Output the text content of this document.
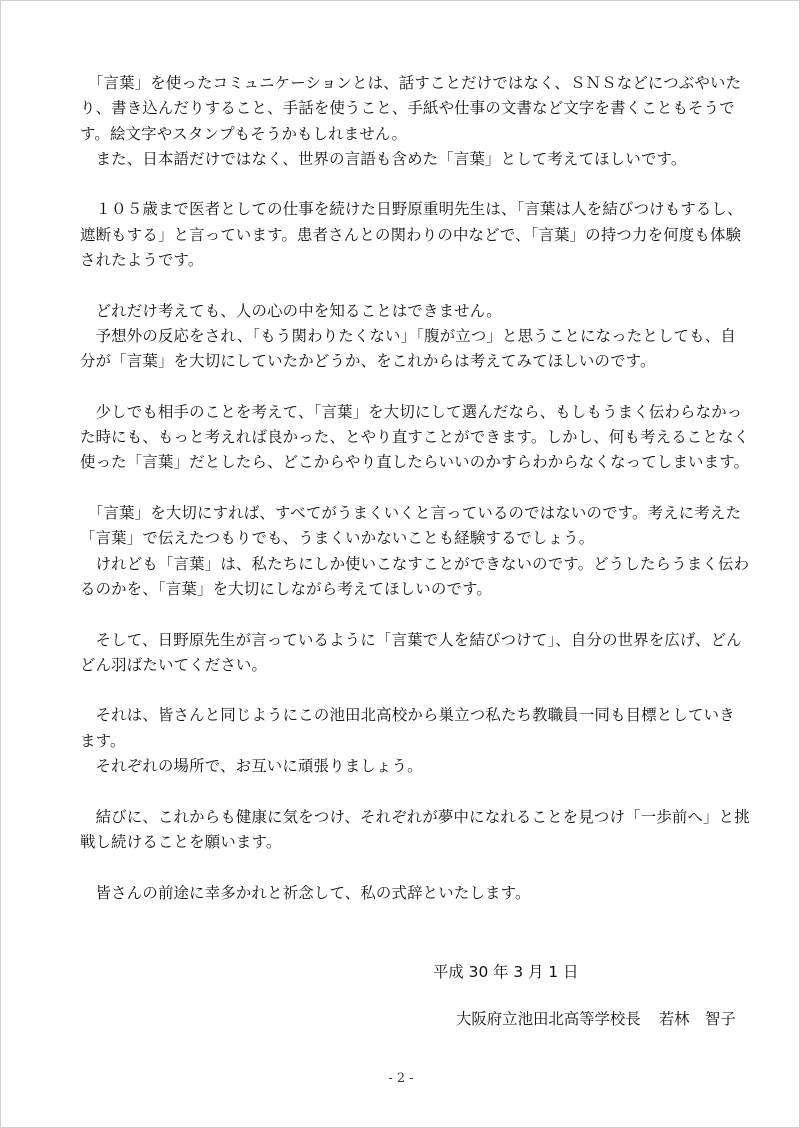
　「言葉」を使ったコミュニケーションとは、話すことだけではなく、ＳＮＳなどにつぶやいたり、書き込んだりすること、手話を使うこと、手紙や仕事の文書など文字を書くこともそうです。絵文字やスタンプもそうかもしれません。

　また、日本語だけではなく、世界の言語も含めた「言葉」として考えてほしいです。

　１０５歳まで医者としての仕事を続けた日野原重明先生は、「言葉は人を結びつけもするし、遮断もする」と言っています。患者さんとの関わりの中などで、「言葉」の持つ力を何度も体験されたようです。

　どれだけ考えても、人の心の中を知ることはできません。

　予想外の反応をされ、「もう関わりたくない」「腹が立つ」と思うことになったとしても、自分が「言葉」を大切にしていたかどうか、をこれからは考えてみてほしいのです。

　少しでも相手のことを考えて、「言葉」を大切にして選んだなら、もしもうまく伝わらなかった時にも、もっと考えれば良かった、とやり直すことができます。しかし、何も考えることなく使った「言葉」だとしたら、どこからやり直したらいいのかすらわからなくなってしまいます。

　「言葉」を大切にすれば、すべてがうまくいくと言っているのではないのです。考えに考えた「言葉」で伝えたつもりでも、うまくいかないことも経験するでしょう。

　けれども「言葉」は、私たちにしか使いこなすことができないのです。どうしたらうまく伝わるのかを、「言葉」を大切にしながら考えてほしいのです。

　そして、日野原先生が言っているように「言葉で人を結びつけて」、自分の世界を広げ、どんどん羽ばたいてください。

　それは、皆さんと同じようにこの池田北高校から巣立つ私たち教職員一同も目標としていきます。

　それぞれの場所で、お互いに頑張りましょう。

　結びに、これからも健康に気をつけ、それぞれが夢中になれることを見つけ「一歩前へ」と挑戦し続けることを願います。

　皆さんの前途に幸多かれと祈念して、私の式辞といたします。

平成 30 年 3 月 1 日
大阪府立池田北高等学校長 若林　智子
- 2 -
